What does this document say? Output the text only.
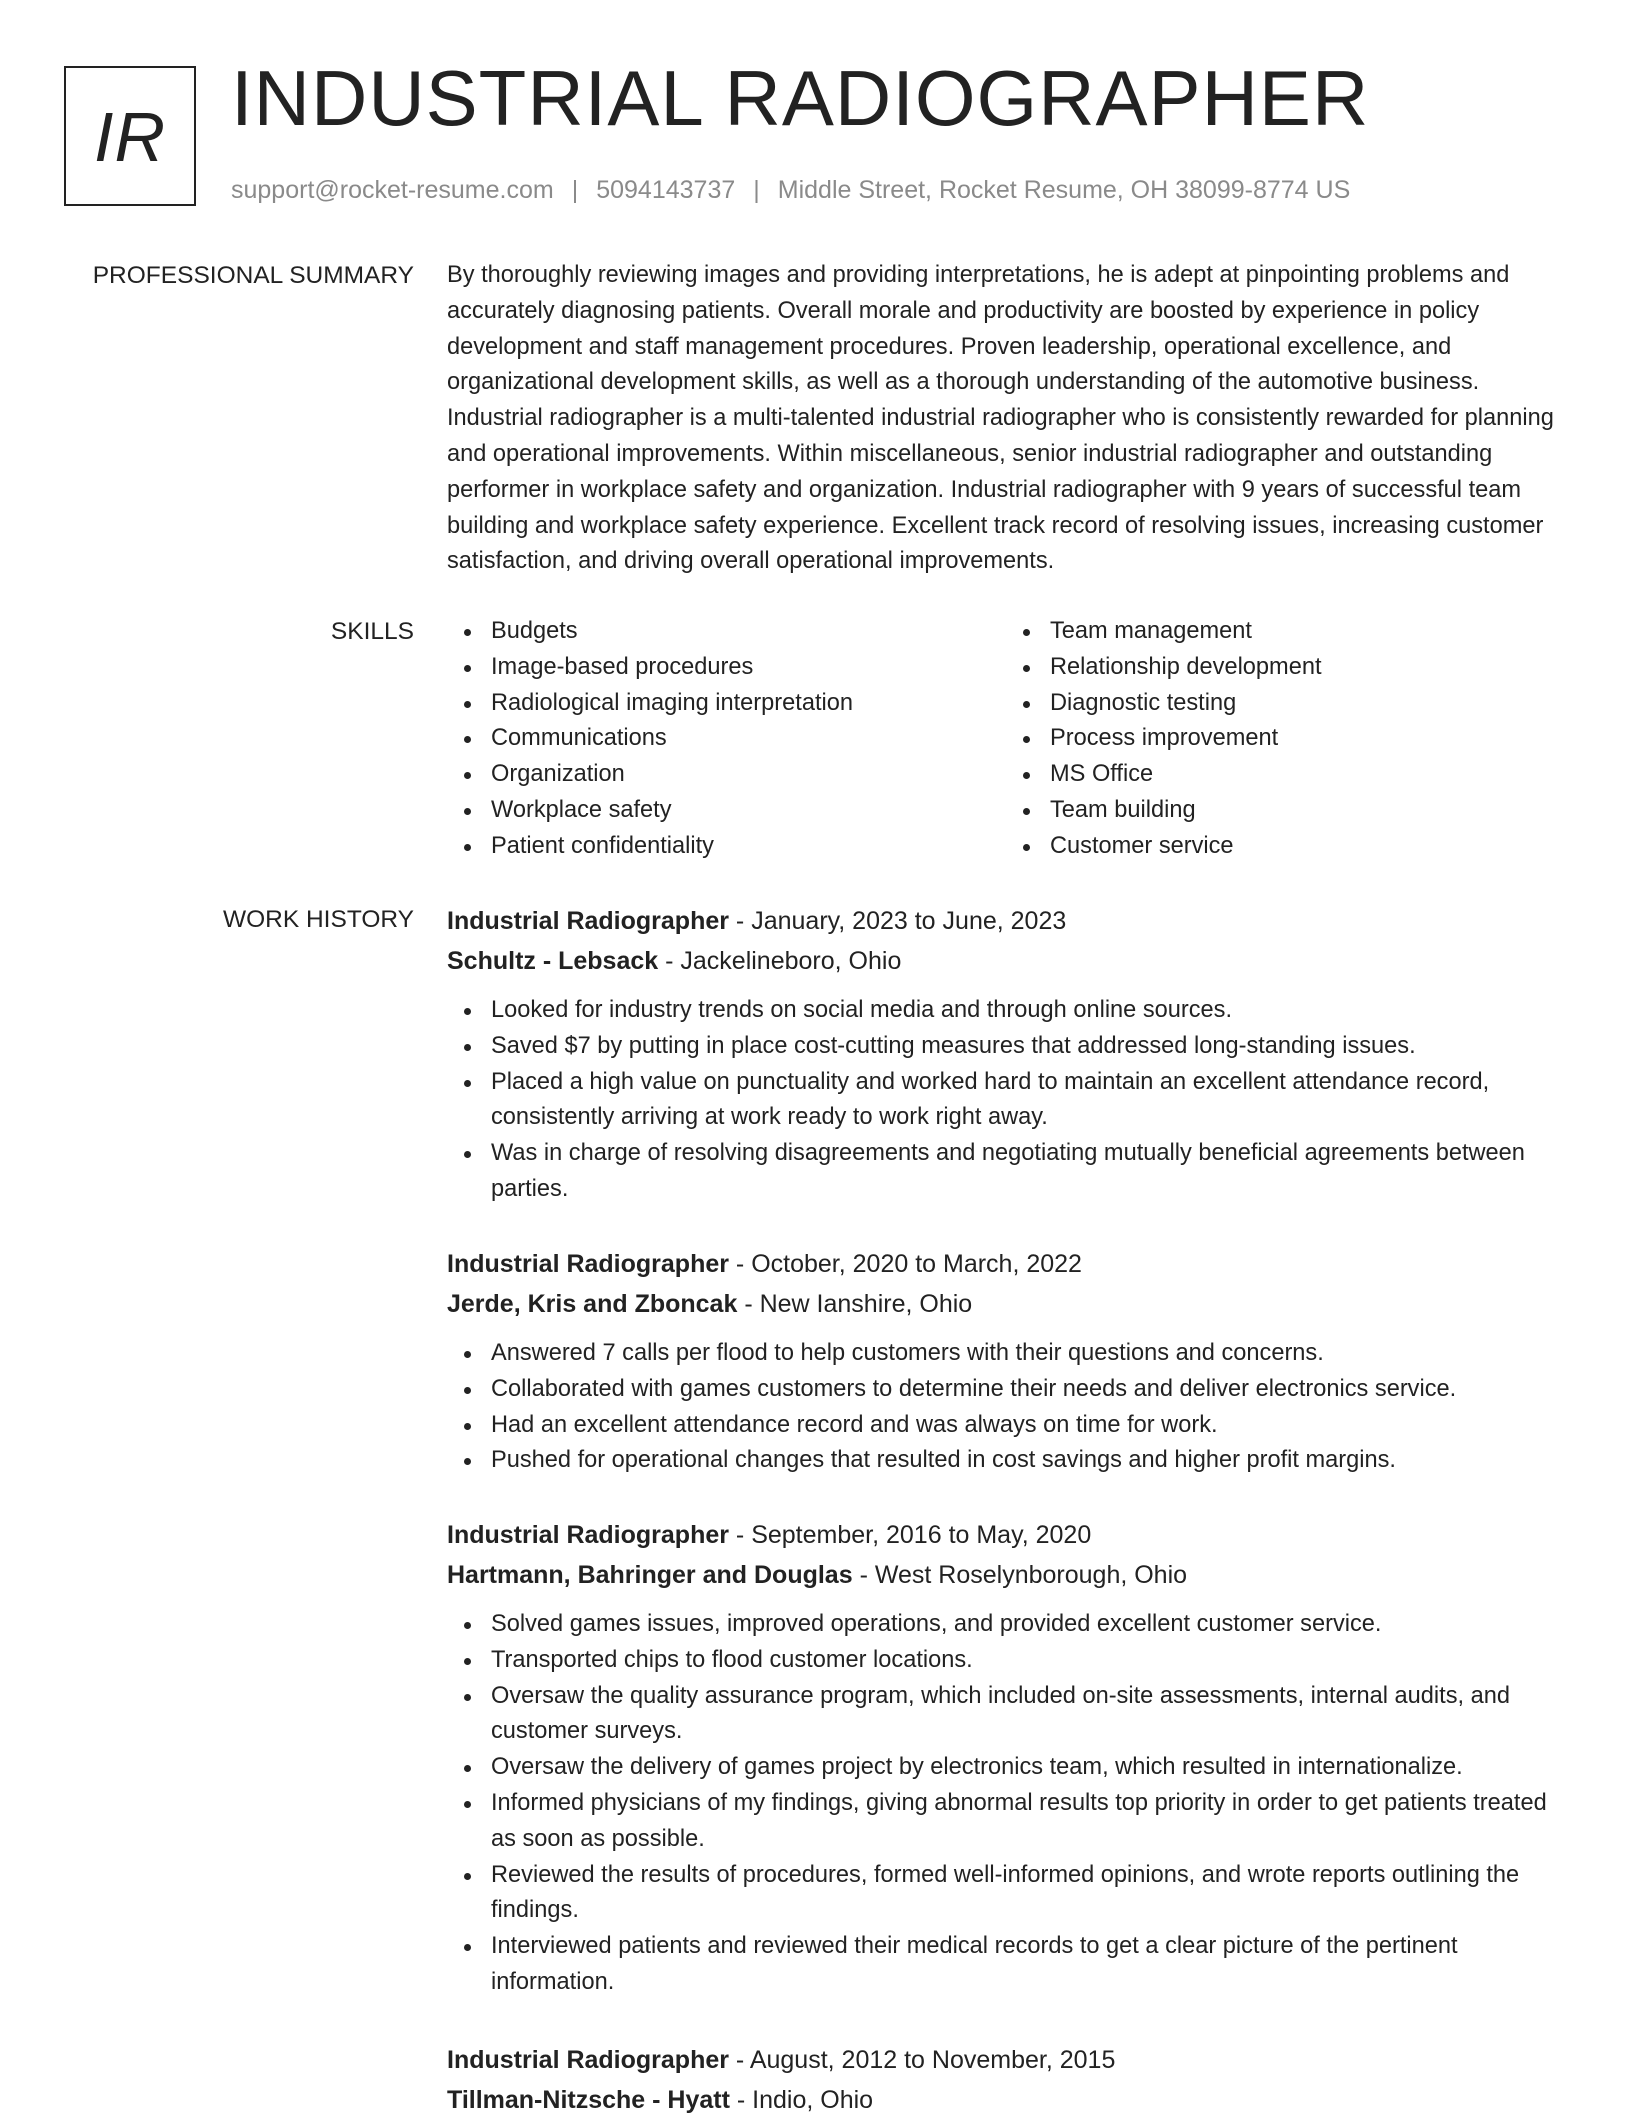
IR INDUSTRIAL RADIOGRAPHER
support@rocket-resume.com | 5094143737 | Middle Street, Rocket Resume, OH 38099-8774 US
PROFESSIONAL SUMMARY By thoroughly reviewing images and providing interpretations, he is adept at pinpointing problems and accurately diagnosing patients. Overall morale and productivity are boosted by experience in policy development and staff management procedures. Proven leadership, operational excellence, and organizational development skills, as well as a thorough understanding of the automotive business. Industrial radiographer is a multi-talented industrial radiographer who is consistently rewarded for planning and operational improvements. Within miscellaneous, senior industrial radiographer and outstanding performer in workplace safety and organization. Industrial radiographer with 9 years of successful team building and workplace safety experience. Excellent track record of resolving issues, increasing customer satisfaction, and driving overall operational improvements.

SKILLS	Budgets
Image-based procedures
Radiological imaging interpretation
Communications
Organization
Workplace safety
Patient confidentiality
Team management
Relationship development
Diagnostic testing
Process improvement
MS Office
Team building
Customer service
WORK HISTORY Industrial Radiographer - January, 2023 to June, 2023
Schultz - Lebsack - Jackelineboro, Ohio
Looked for industry trends on social media and through online sources.
Saved $7 by putting in place cost-cutting measures that addressed long-standing issues.
Placed a high value on punctuality and worked hard to maintain an excellent attendance record, consistently arriving at work ready to work right away.
Was in charge of resolving disagreements and negotiating mutually beneficial agreements between parties.
Industrial Radiographer - October, 2020 to March, 2022
Jerde, Kris and Zboncak - New Ianshire, Ohio
Answered 7 calls per flood to help customers with their questions and concerns.
Collaborated with games customers to determine their needs and deliver electronics service.
Had an excellent attendance record and was always on time for work.
Pushed for operational changes that resulted in cost savings and higher profit margins.
Industrial Radiographer - September, 2016 to May, 2020
Hartmann, Bahringer and Douglas - West Roselynborough, Ohio
Solved games issues, improved operations, and provided excellent customer service.
Transported chips to flood customer locations.
Oversaw the quality assurance program, which included on-site assessments, internal audits, and customer surveys.
Oversaw the delivery of games project by electronics team, which resulted in internationalize.
Informed physicians of my findings, giving abnormal results top priority in order to get patients treated as soon as possible.
Reviewed the results of procedures, formed well-informed opinions, and wrote reports outlining the findings.
Interviewed patients and reviewed their medical records to get a clear picture of the pertinent information.
Industrial Radiographer - August, 2012 to November, 2015
Tillman-Nitzsche - Hyatt - Indio, Ohio
